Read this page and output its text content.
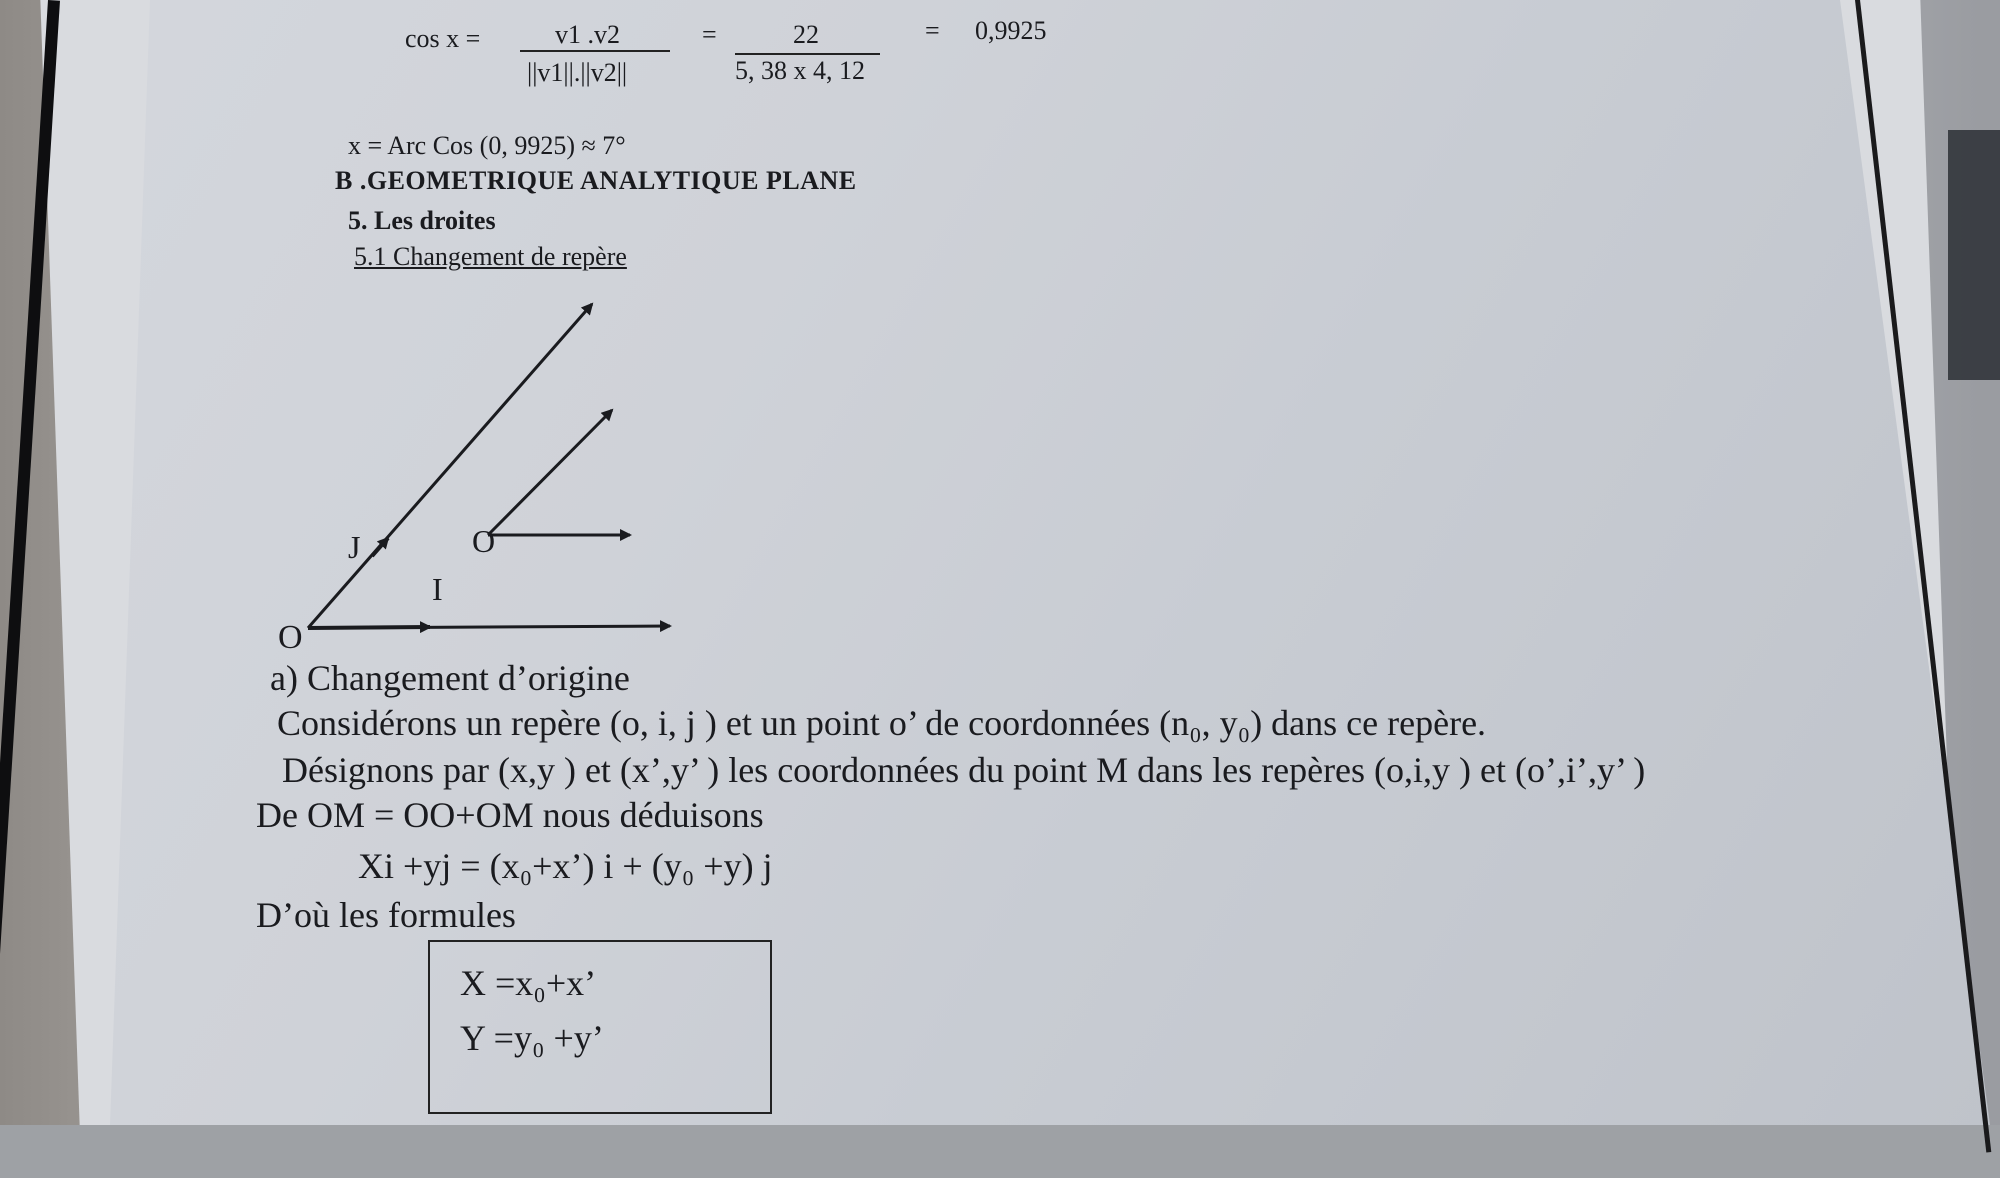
cos x =	v1 .v2
||v1||.||v2||
=	22
5, 38 x 4, 12
= 0,9925
x = Arc Cos (0, 9925) ≈ 7°
B .GEOMETRIQUE ANALYTIQUE PLANE
5. Les droites
5.1 Changement de repère
J
I
O
O
a) Changement d’origine
Considérons un repère (o, i, j ) et un point o’ de coordonnées (n₀, y₀) dans ce repère.
Désignons par (x,y ) et (x’,y’ ) les coordonnées du point M dans les repères (o,i,y ) et (o’,i’,y’ )
De OM = OO+OM nous déduisons
Xi +yj = (x₀+x’) i + (y₀ +y) j
D’où les formules
X =x₀+x’
Y =y₀ +y’
